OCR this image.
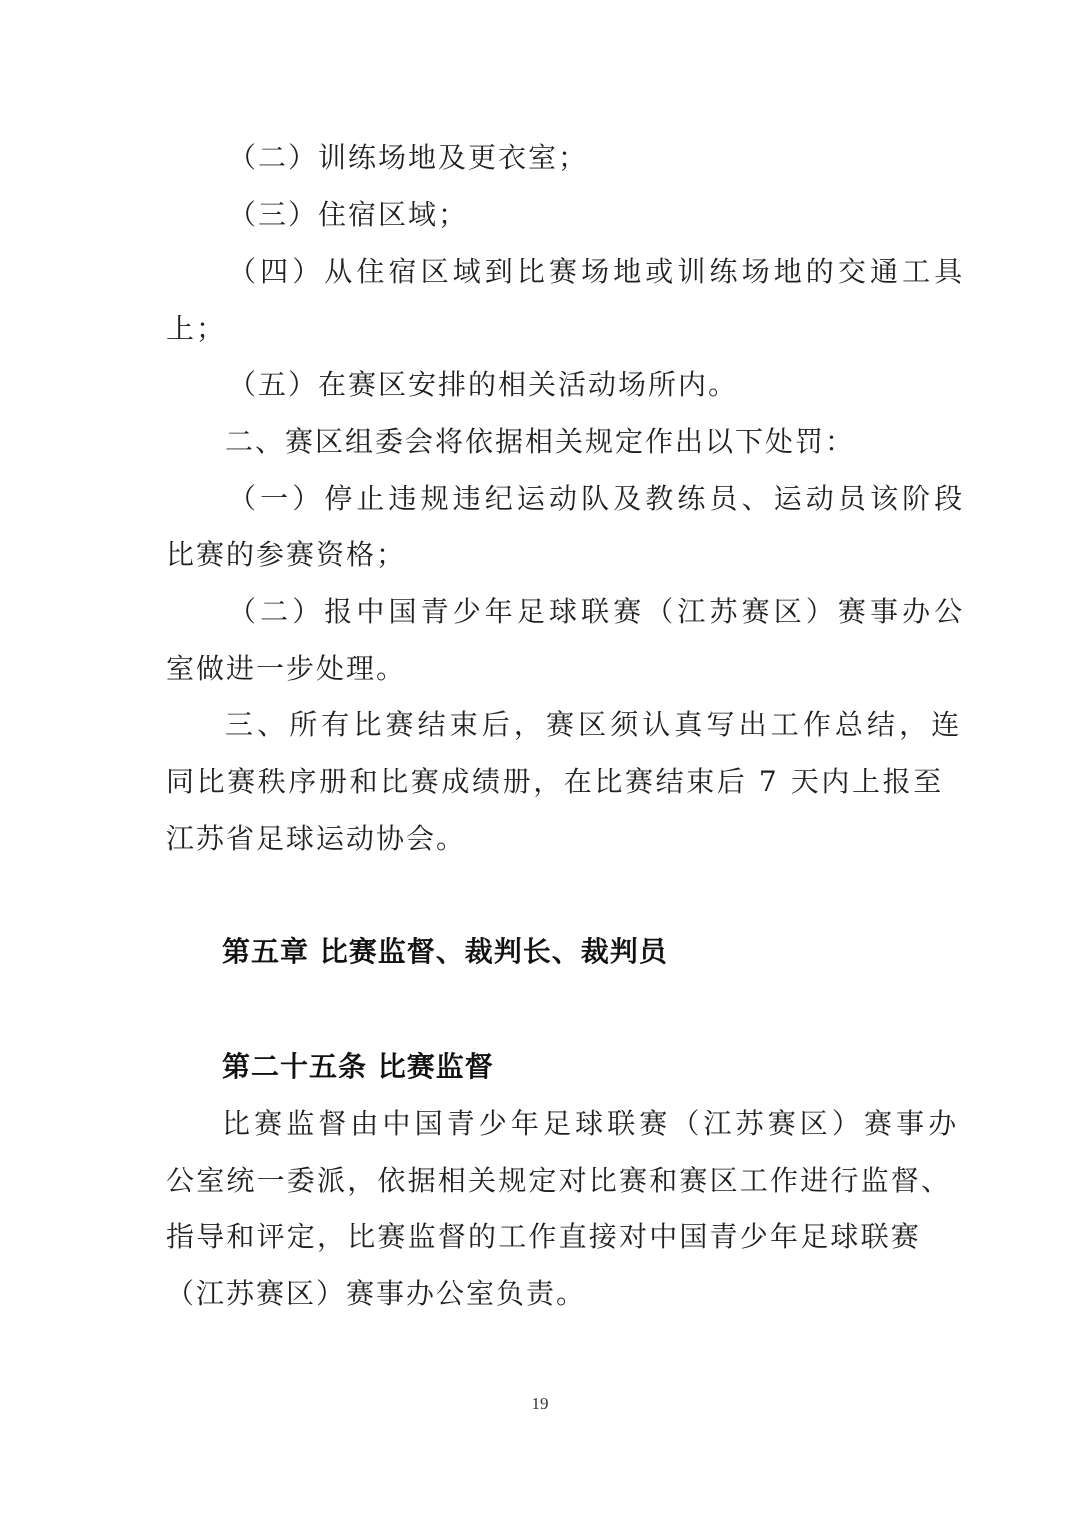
（二）训练场地及更衣室；
（三）住宿区域；
（四）从住宿区域到比赛场地或训练场地的交通工具
上；
（五）在赛区安排的相关活动场所内。
二、赛区组委会将依据相关规定作出以下处罚：
（一）停止违规违纪运动队及教练员、运动员该阶段
比赛的参赛资格；
（二）报中国青少年足球联赛（江苏赛区）赛事办公
室做进一步处理。
三、所有比赛结束后，赛区须认真写出工作总结，连
同比赛秩序册和比赛成绩册，在比赛结束后 7 天内上报至
江苏省足球运动协会。
第五章 比赛监督、裁判长、裁判员
第二十五条 比赛监督
比赛监督由中国青少年足球联赛（江苏赛区）赛事办
公室统一委派，依据相关规定对比赛和赛区工作进行监督、
指导和评定，比赛监督的工作直接对中国青少年足球联赛
（江苏赛区）赛事办公室负责。
19
